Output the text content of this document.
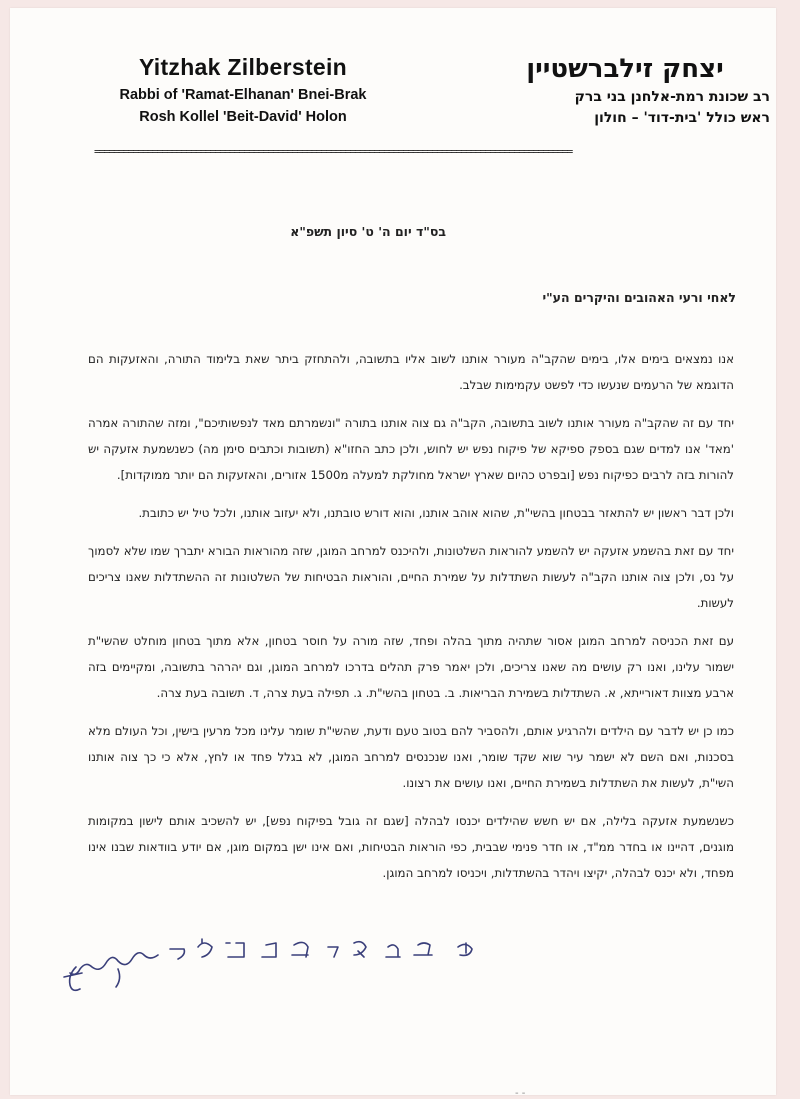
Yitzhak Zilberstein
Rabbi of 'Ramat-Elhanan' Bnei-Brak
Rosh Kollel 'Beit-David' Holon
יצחק זילברשטיין
רב שכונת רמת-אלחנן בני ברק
ראש כולל 'בית-דוד' – חולון
===================================================================================================
בס"ד יום ה' ט' סיון תשפ"א
לאחי ורעי האהובים והיקרים הע"י

אנו נמצאים בימים אלו, בימים שהקב"ה מעורר אותנו לשוב אליו בתשובה, ולהתחזק ביתר שאת בלימוד התורה, והאזעקות הם הדוגמא של הרעמים שנעשו כדי לפשט עקמימות שבלב.

יחד עם זה שהקב"ה מעורר אותנו לשוב בתשובה, הקב"ה גם צוה אותנו בתורה "ונשמרתם מאד לנפשותיכם", ומזה שהתורה אמרה 'מאד' אנו למדים שגם בספק ספיקא של פיקוח נפש יש לחוש, ולכן כתב החזו"א (תשובות וכתבים סימן מה) כשנשמעת אזעקה יש להורות בזה לרבים כפיקוח נפש [ובפרט כהיום שארץ ישראל מחולקת למעלה מ1500 אזורים, והאזעקות הם יותר ממוקדות].

ולכן דבר ראשון יש להתאזר בבטחון בהשי"ת, שהוא אוהב אותנו, והוא דורש טובתנו, ולא יעזוב אותנו, ולכל טיל יש כתובת.

יחד עם זאת בהשמע אזעקה יש להשמע להוראות השלטונות, ולהיכנס למרחב המוגן, שזה מהוראות הבורא יתברך שמו שלא לסמוך על נס, ולכן צוה אותנו הקב"ה לעשות השתדלות על שמירת החיים, והוראות הבטיחות של השלטונות זה ההשתדלות שאנו צריכים לעשות.

עם זאת הכניסה למרחב המוגן אסור שתהיה מתוך בהלה ופחד, שזה מורה על חוסר בטחון, אלא מתוך בטחון מוחלט שהשי"ת ישמור עלינו, ואנו רק עושים מה שאנו צריכים, ולכן יאמר פרק תהלים בדרכו למרחב המוגן, וגם יהרהר בתשובה, ומקיימים בזה ארבע מצוות דאורייתא, א. השתדלות בשמירת הבריאות. ב. בטחון בהשי"ת. ג. תפילה בעת צרה, ד. תשובה בעת צרה.

כמו כן יש לדבר עם הילדים ולהרגיע אותם, ולהסביר להם בטוב טעם ודעת, שהשי"ת שומר עלינו מכל מרעין בישין, וכל העולם מלא בסכנות, ואם השם לא ישמר עיר שוא שקד שומר, ואנו שנכנסים למרחב המוגן, לא בגלל פחד או לחץ, אלא כי כך צוה אותנו השי"ת, לעשות את השתדלות בשמירת החיים, ואנו עושים את רצונו.

כשנשמעת אזעקה בלילה, אם יש חשש שהילדים יכנסו לבהלה [שגם זה גובל בפיקוח נפש], יש להשכיב אותם לישון במקומות מוגנים, דהיינו או בחדר ממ"ד, או חדר פנימי שבבית, כפי הוראות הבטיחות, ואם אינו ישן במקום מוגן, אם יודע בוודאות שבנו אינו מפחד, ולא יכנס לבהלה, יקיצו ויהדר בהשתדלות, ויכניסו למרחב המוגן.

- -
